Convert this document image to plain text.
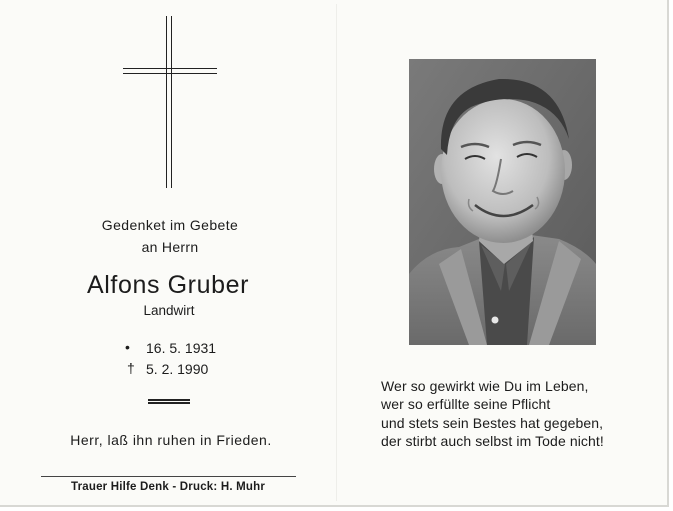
Gedenket im Gebete
an Herrn
Alfons Gruber
Landwirt
• 16. 5. 1931
† 5. 2. 1990
Herr, laß ihn ruhen in Frieden.
Trauer Hilfe Denk - Druck: H. Muhr
Wer so gewirkt wie Du im Leben,
wer so erfüllte seine Pflicht
und stets sein Bestes hat gegeben,
der stirbt auch selbst im Tode nicht!
